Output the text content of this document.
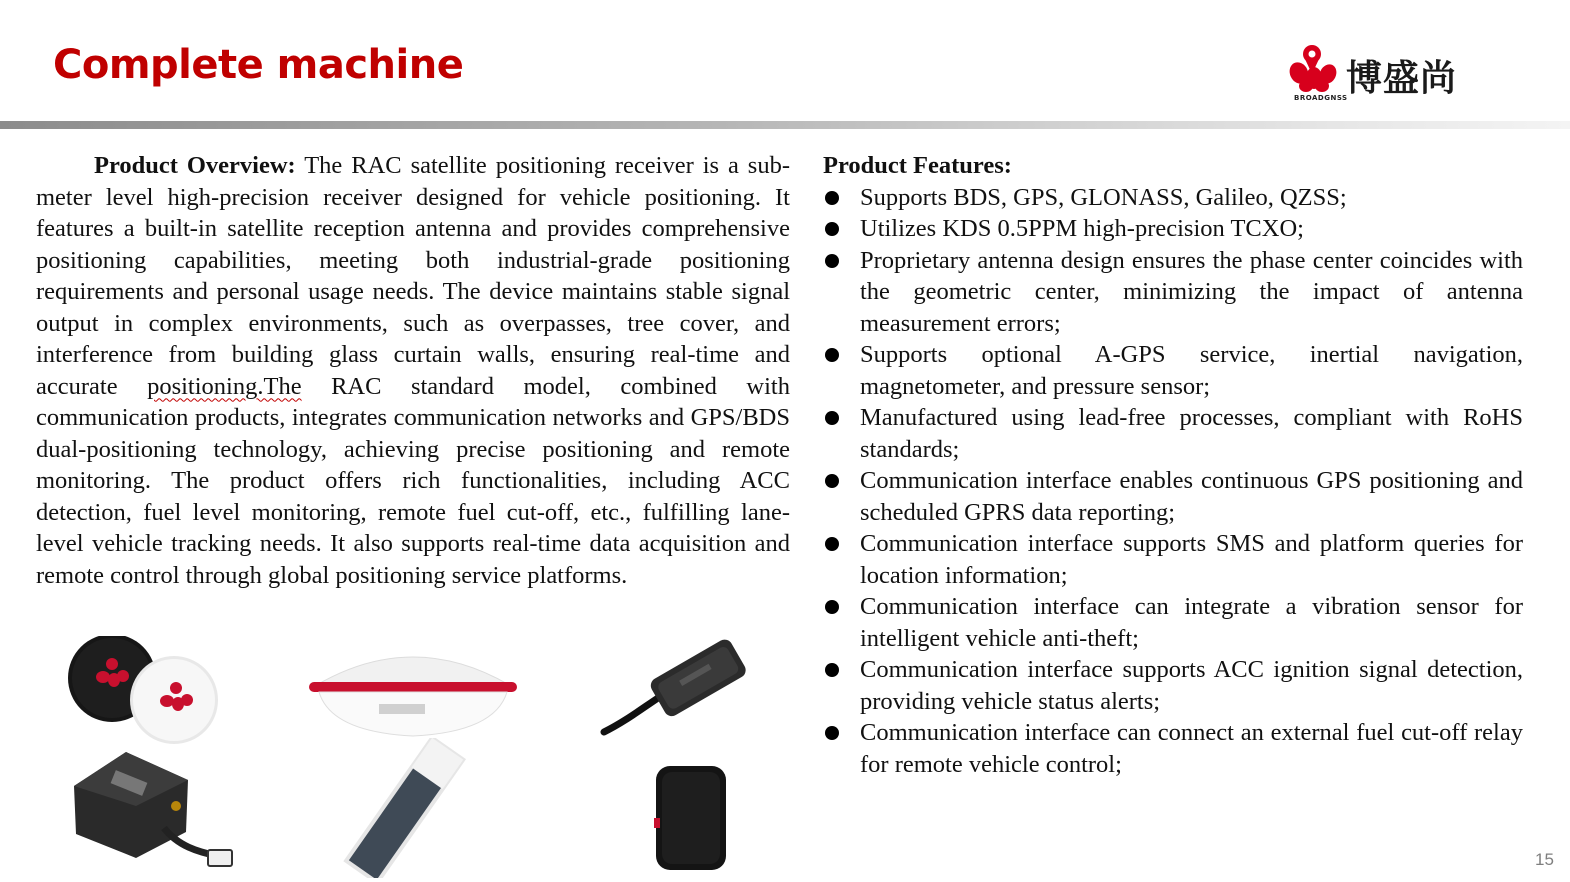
Complete machine	博盛尚
BROADGNSS
Product Overview: The RAC satellite positioning receiver is a sub-meter level high-precision receiver designed for vehicle positioning. It features a built-in satellite reception antenna and provides comprehensive positioning capabilities, meeting both industrial-grade positioning requirements and personal usage needs. The device maintains stable signal output in complex environments, such as overpasses, tree cover, and interference from building glass curtain walls, ensuring real-time and accurate positioning.The RAC standard model, combined with communication products, integrates communication networks and GPS/BDS dual-positioning technology, achieving precise positioning and remote monitoring. The product offers rich functionalities, including ACC detection, fuel level monitoring, remote fuel cut-off, etc., fulfilling lane-level vehicle tracking needs. It also supports real-time data acquisition and remote control through global positioning service platforms.

Product Features:

Supports BDS, GPS, GLONASS, Galileo, QZSS;
Utilizes KDS 0.5PPM high-precision TCXO;
Proprietary antenna design ensures the phase center coincides with the geometric center, minimizing the impact of antenna measurement errors;
Supports optional A-GPS service, inertial navigation, magnetometer, and pressure sensor;
Manufactured using lead-free processes, compliant with RoHS standards;
Communication interface enables continuous GPS positioning and scheduled GPRS data reporting;
Communication interface supports SMS and platform queries for location information;
Communication interface can integrate a vibration sensor for intelligent vehicle anti-theft;
Communication interface supports ACC ignition signal detection, providing vehicle status alerts;
Communication interface can connect an external fuel cut-off relay for remote vehicle control;
15
